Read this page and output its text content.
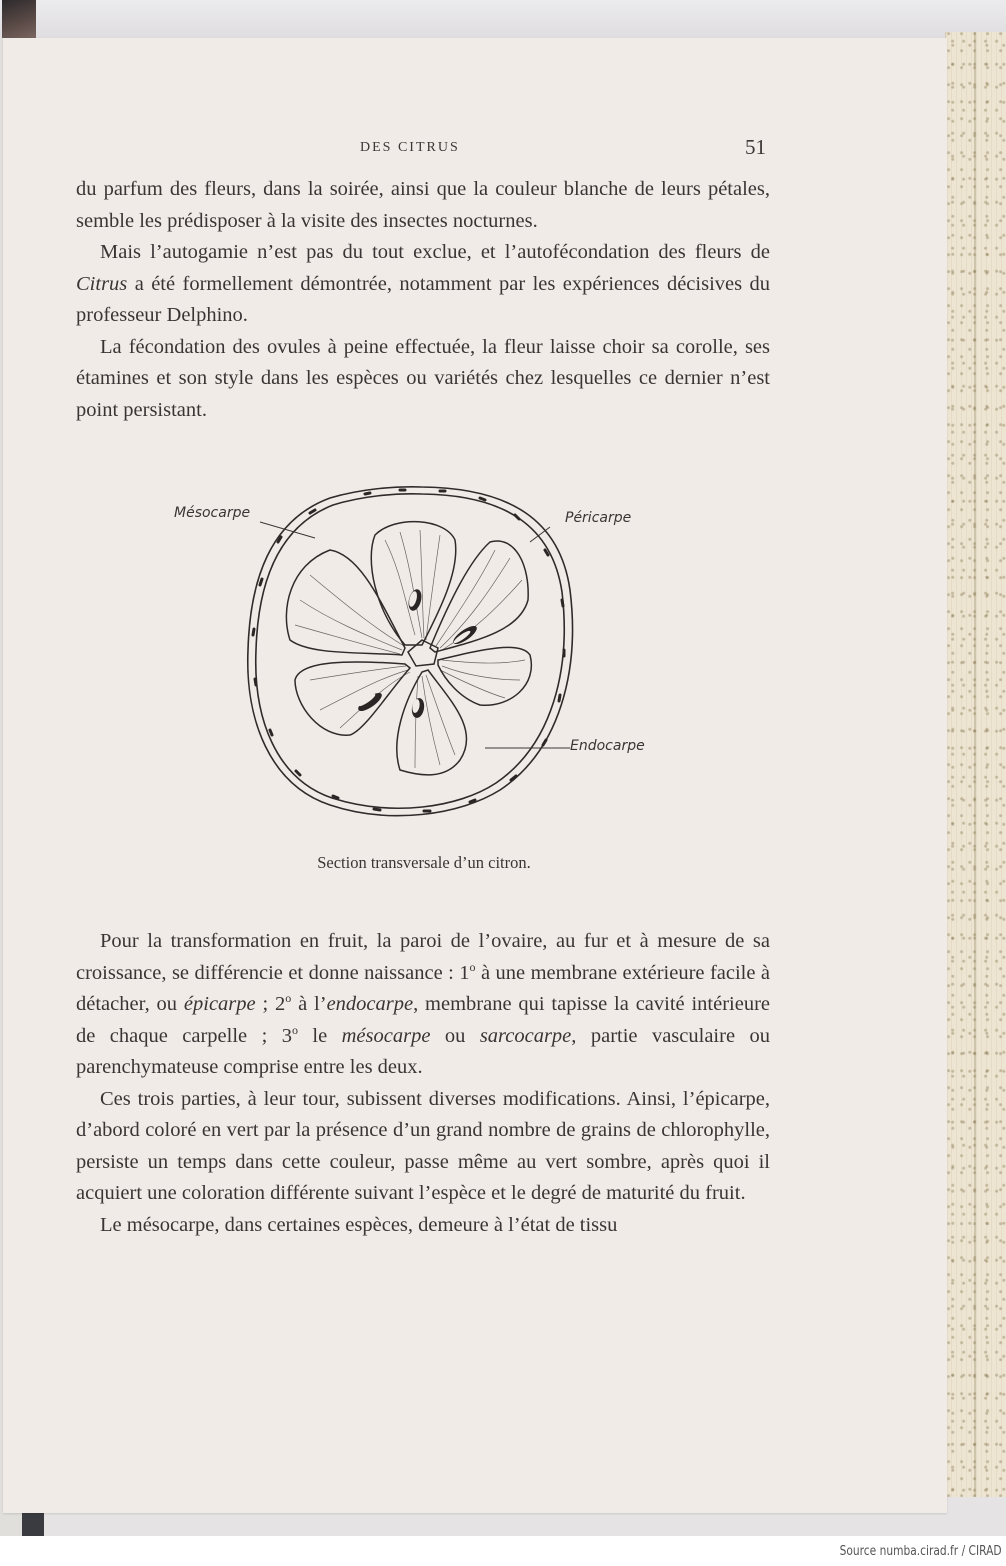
DES CITRUS	51

du parfum des fleurs, dans la soirée, ainsi que la couleur blanche de leurs pétales, semble les prédisposer à la visite des insectes nocturnes.

Mais l’autogamie n’est pas du tout exclue, et l’autofécondation des fleurs de Citrus a été formellement démontrée, notamment par les expériences décisives du professeur Delphino.

La fécondation des ovules à peine effectuée, la fleur laisse choir sa corolle, ses étamines et son style dans les espèces ou variétés chez lesquelles ce dernier n’est point persistant.

Mésocarpe	Péricarpe
Endocarpe
Section transversale d’un citron.

Pour la transformation en fruit, la paroi de l’ovaire, au fur et à mesure de sa croissance, se différencie et donne naissance : 1$^o$ à une membrane extérieure facile à détacher, ou épicarpe ; 2$^o$ à l’endocarpe, membrane qui tapisse la cavité intérieure de chaque carpelle ; 3$^o$ le mésocarpe ou sarcocarpe, partie vasculaire ou parenchymateuse comprise entre les deux.

Ces trois parties, à leur tour, subissent diverses modifications. Ainsi, l’épicarpe, d’abord coloré en vert par la présence d’un grand nombre de grains de chlorophylle, persiste un temps dans cette couleur, passe même au vert sombre, après quoi il acquiert une coloration différente suivant l’espèce et le degré de maturité du fruit.

Le mésocarpe, dans certaines espèces, demeure à l’état de tissu

Source numba.cirad.fr / CIRAD
